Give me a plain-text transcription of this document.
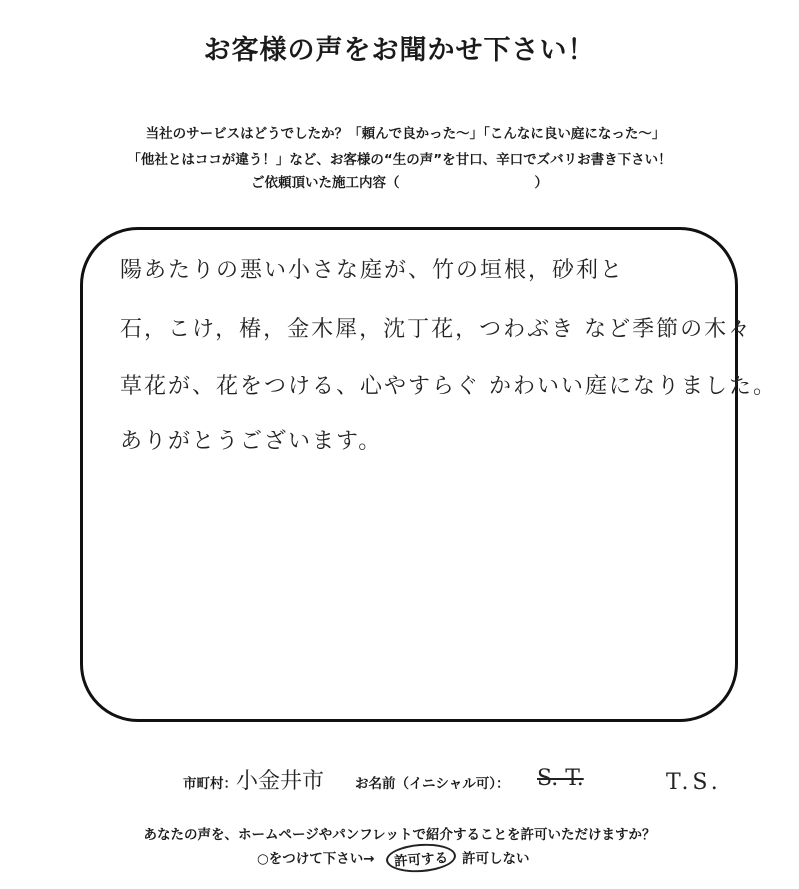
お客様の声をお聞かせ下さい！
当社のサービスはどうでしたか？「頼んで良かった～」「こんなに良い庭になった～」
「他社とはココが違う！」など、お客様の“生の声”を甘口、辛口でズバリお書き下さい！
ご依頼頂いた施工内容（　　　　　　　　　　）
陽あたりの悪い小さな庭が、竹の垣根，砂利と
石，こけ，椿，金木犀，沈丁花，つわぶき など季節の木々
草花が、花をつける、心やすらぐ かわいい庭になりました。
ありがとうございます。
市町村： 小金井市 お名前（イニシャル可）： S. T.	T.S.
あなたの声を、ホームページやパンフレットで紹介することを許可いただけますか？
○をつけて下さい→	許可する 許可しない
